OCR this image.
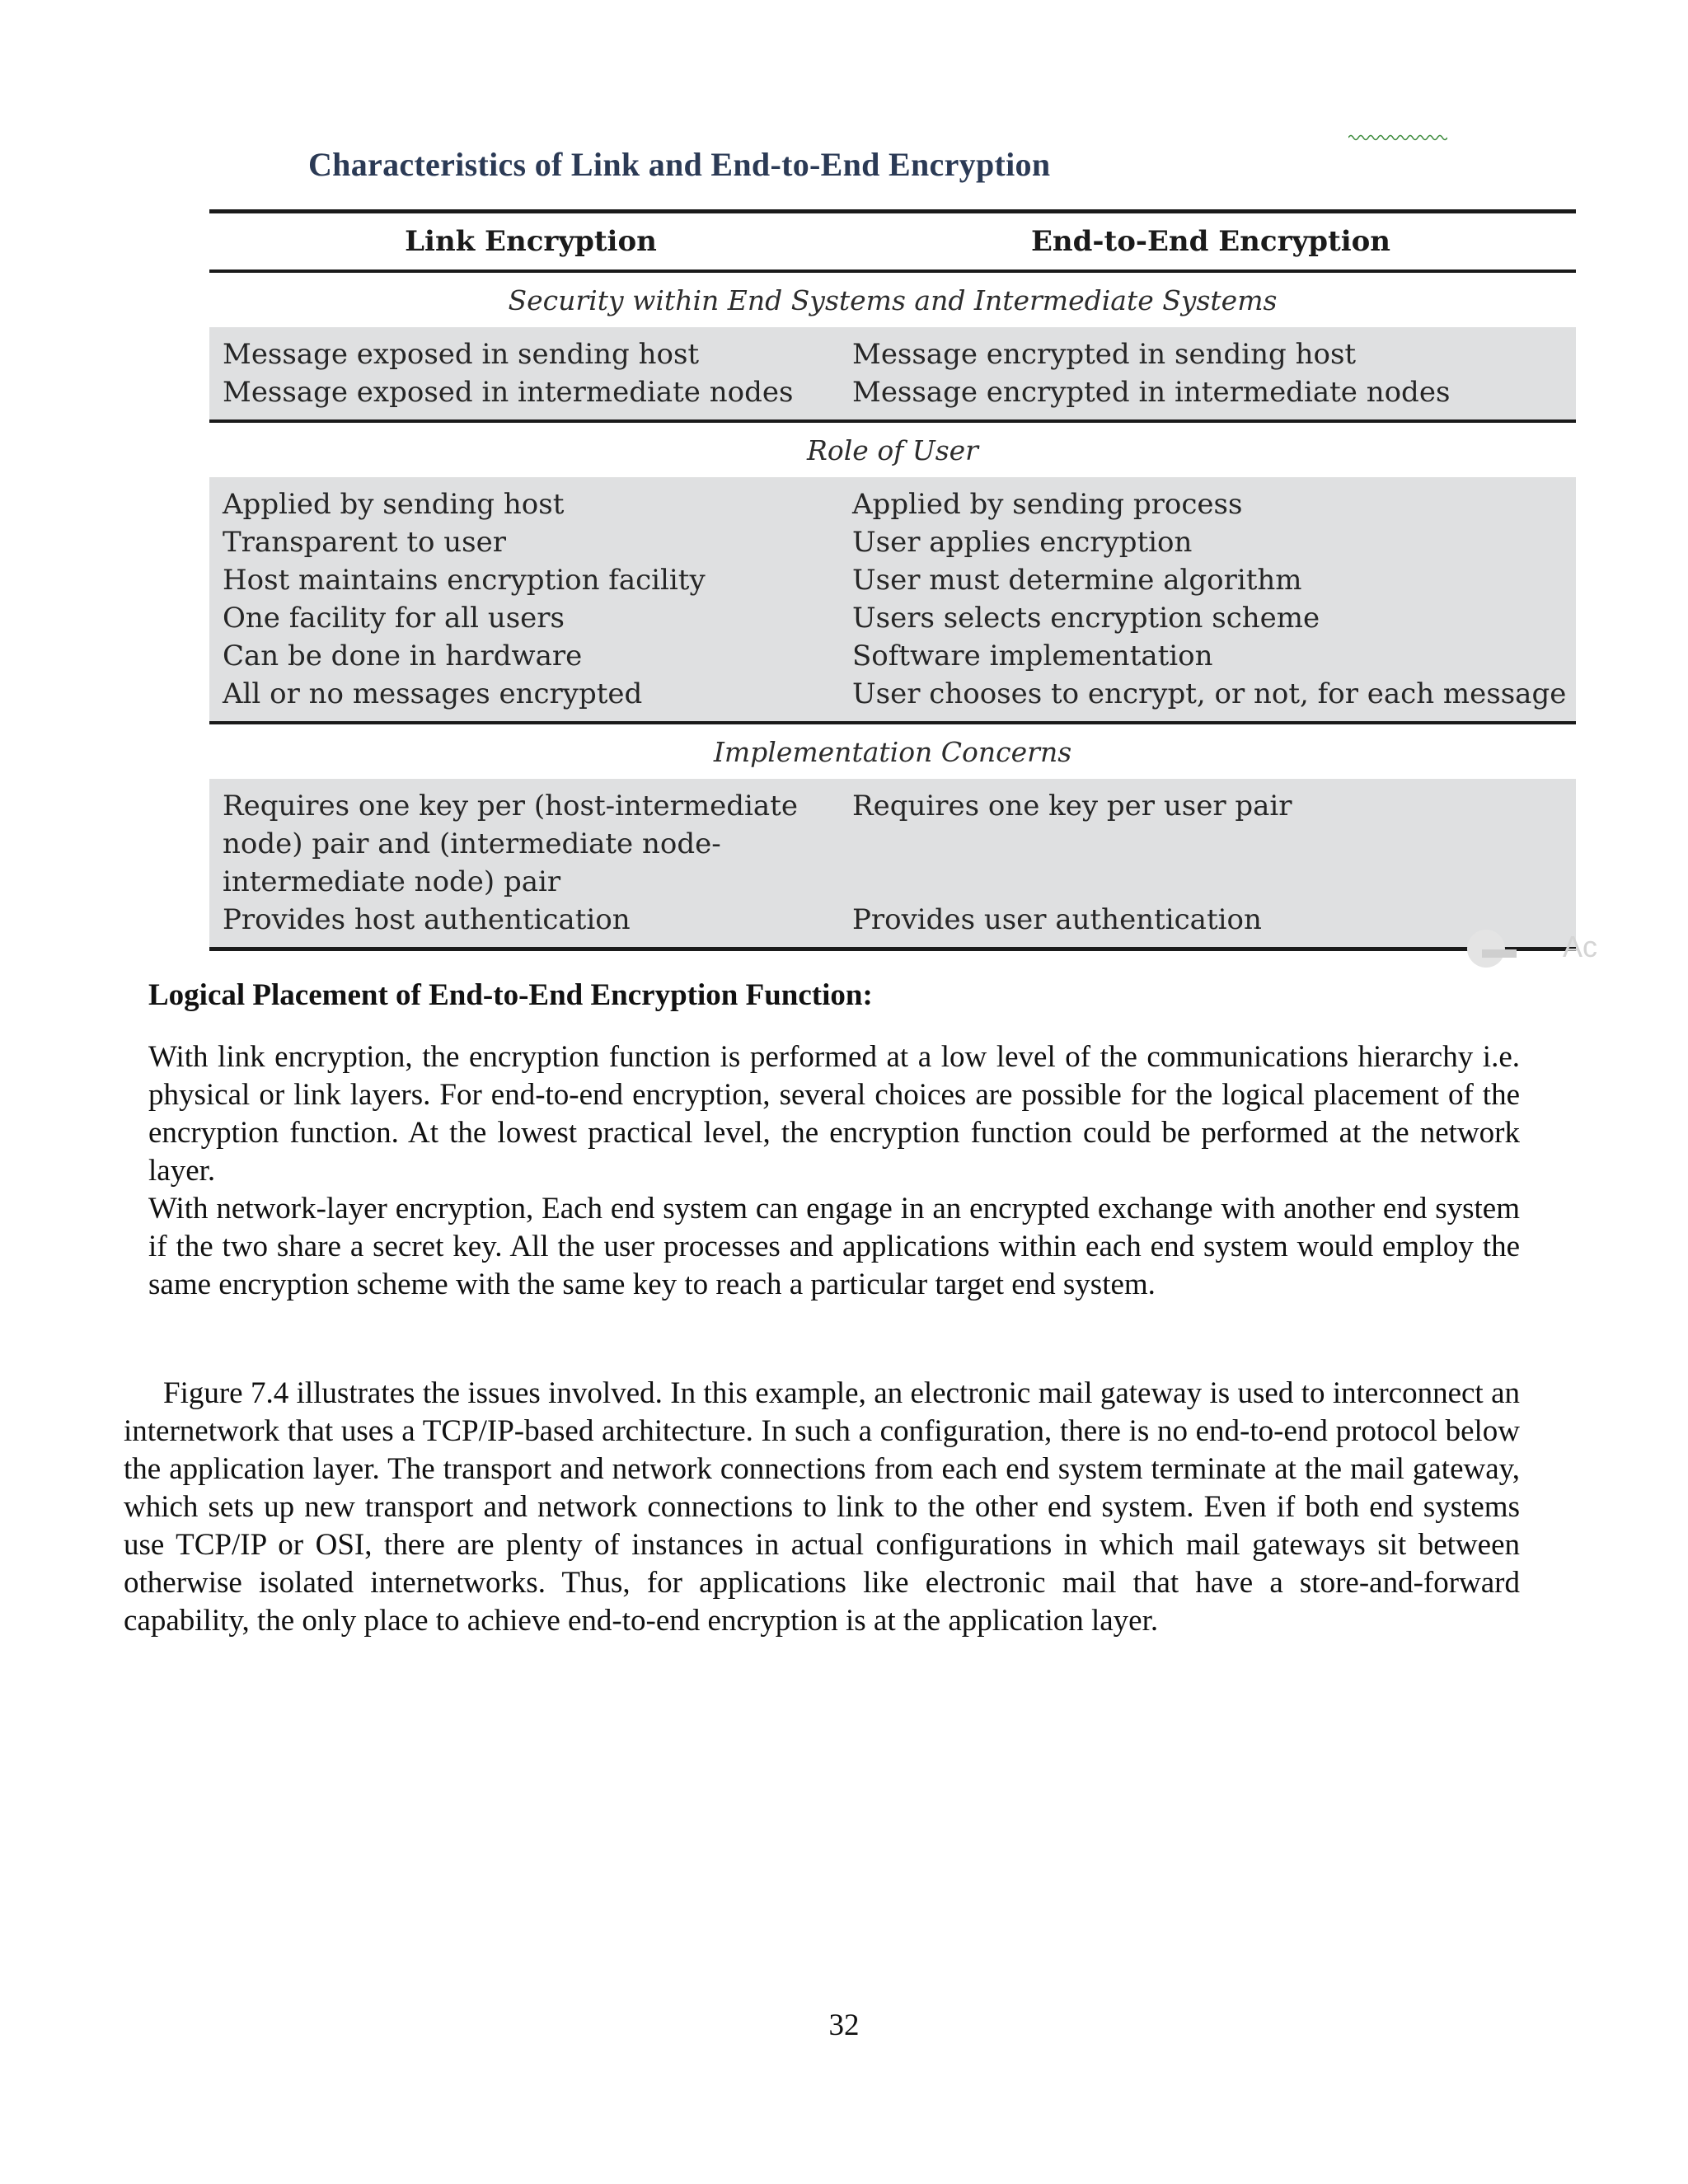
Characteristics of Link and End-to-End Encryption
Link Encryption	End-to-End Encryption
Security within End Systems and Intermediate Systems
Message exposed in sending host
Message exposed in intermediate nodes
Message encrypted in sending host
Message encrypted in intermediate nodes
Role of User
Applied by sending host
Transparent to user
Host maintains encryption facility
One facility for all users
Can be done in hardware
All or no messages encrypted
Applied by sending process
User applies encryption
User must determine algorithm
Users selects encryption scheme
Software implementation
User chooses to encrypt, or not, for each message
Implementation Concerns
Requires one key per (host-intermediate
node) pair and (intermediate node-
intermediate node) pair
Provides host authentication
Requires one key per user pair
Provides user authentication
Ac
Logical Placement of End-to-End Encryption Function:
With link encryption, the encryption function is performed at a low level of the communications hierarchy i.e. physical or link layers. For end-to-end encryption, several choices are possible for the logical placement of the encryption function. At the lowest practical level, the encryption function could be performed at the network layer.
With network-layer encryption, Each end system can engage in an encrypted exchange with another end system if the two share a secret key. All the user processes and applications within each end system would employ the same encryption scheme with the same key to reach a particular target end system.
Figure 7.4 illustrates the issues involved. In this example, an electronic mail gateway is used to interconnect an internetwork that uses a TCP/IP-based architecture. In such a configuration, there is no end-to-end protocol below the application layer. The transport and network connections from each end system terminate at the mail gateway, which sets up new transport and network connections to link to the other end system. Even if both end systems use TCP/IP or OSI, there are plenty of instances in actual configurations in which mail gateways sit between otherwise isolated internetworks. Thus, for applications like electronic mail that have a store-and-forward capability, the only place to achieve end-to-end encryption is at the application layer.
32
